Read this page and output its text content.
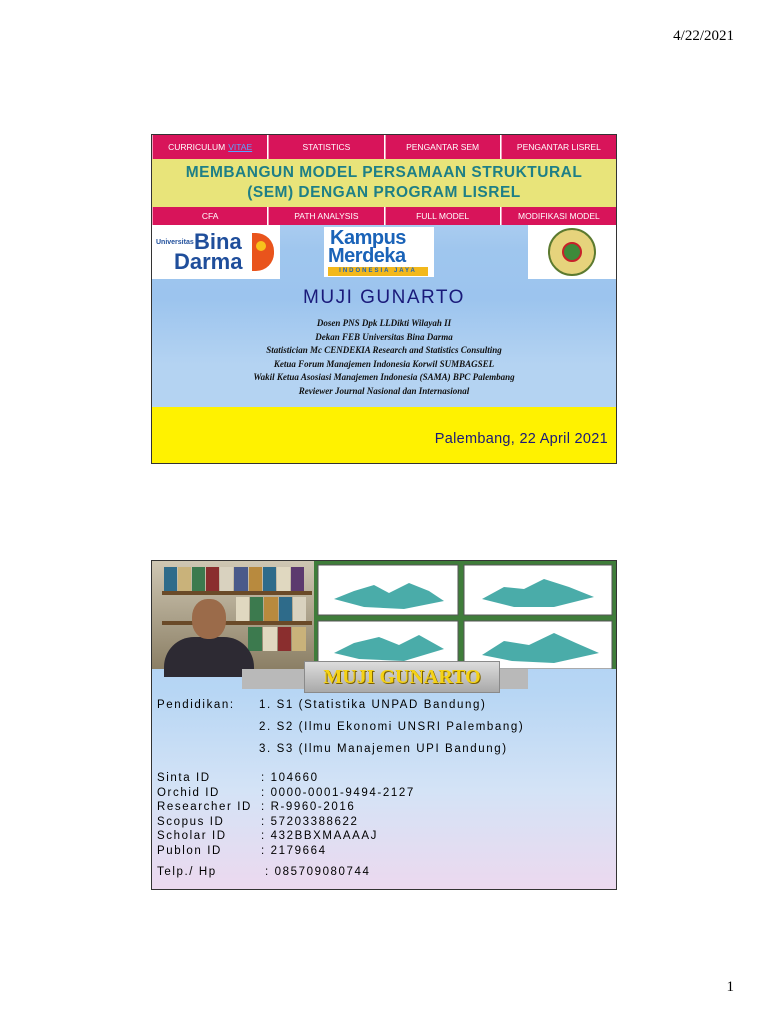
4/22/2021
CURRICULUM VITAE	STATISTICS	PENGANTAR SEM	PENGANTAR LISREL
MEMBANGUN MODEL PERSAMAAN STRUKTURAL
(SEM) DENGAN PROGRAM LISREL
CFA	PATH ANALYSIS	FULL MODEL	MODIFIKASI MODEL
Universitas Bina
Darma
Kampus
Merdeka
INDONESIA JAYA
MUJI GUNARTO
Dosen PNS Dpk LLDikti Wilayah II
Dekan FEB Universitas Bina Darma
Statistician Mc CENDEKIA Research and Statistics Consulting
Ketua Forum Manajemen Indonesia Korwil SUMBAGSEL
Wakil Ketua Asosiasi Manajemen Indonesia (SAMA) BPC Palembang
Reviewer Journal Nasional dan Internasional
Palembang, 22 April 2021
MUJI GUNARTO
Pendidikan:	1. S1 (Statistika UNPAD Bandung)
2. S2 (Ilmu Ekonomi UNSRI Palembang)
3. S3 (Ilmu Manajemen UPI Bandung)
Sinta ID	: 104660
Orchid ID	: 0000-0001-9494-2127
Researcher ID : R-9960-2016
Scopus ID	: 57203388622
Scholar ID	: 432BBXMAAAAJ
Publon ID	: 2179664
Telp./ Hp	: 085709080744
1
